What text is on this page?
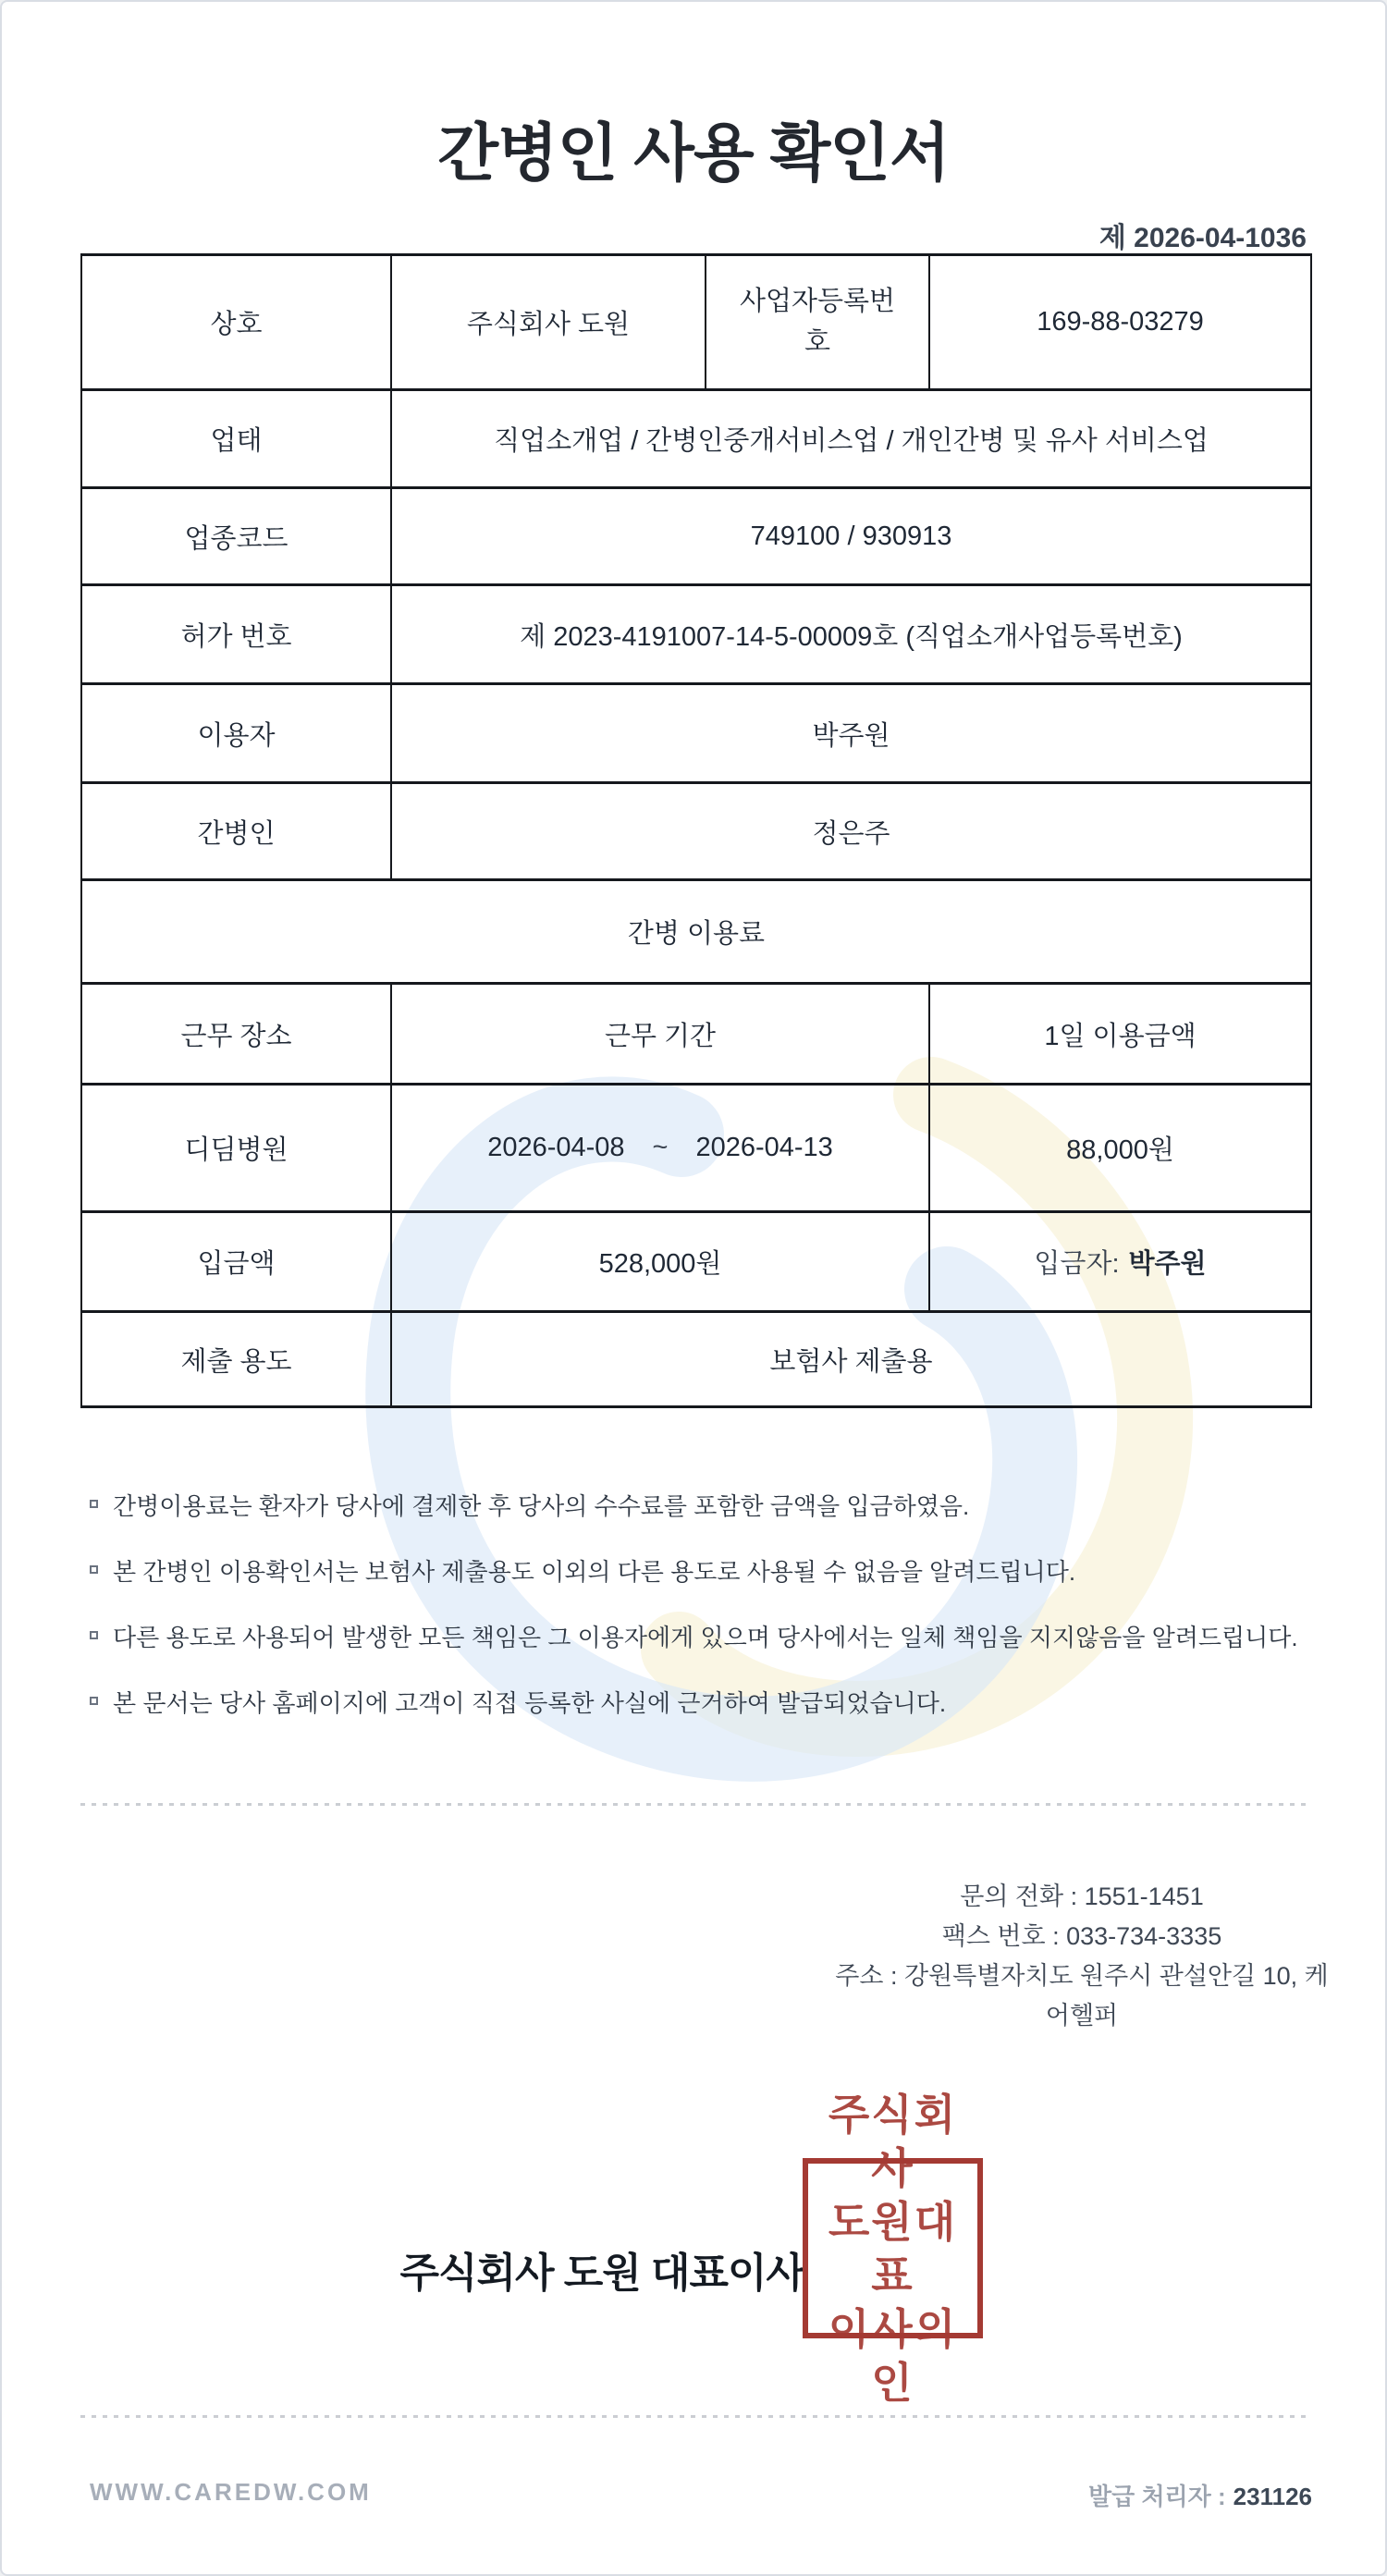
간병인 사용 확인서
제 2026-04-1036
상호	주식회사 도원	사업자등록번호	169-88-03279
업태	직업소개업 / 간병인중개서비스업 / 개인간병 및 유사 서비스업		
업종코드	749100 / 930913		
허가 번호	제 2023-4191007-14-5-00009호 (직업소개사업등록번호)		
이용자	박주원		
간병인	정은주		
간병 이용료			
근무 장소	근무 기간		1일 이용금액
디딤병원	2026-04-08 ~ 2026-04-13		88,000원
입금액	528,000원		입금자: 박주원
제출 용도	보험사 제출용		
간병이용료는 환자가 당사에 결제한 후 당사의 수수료를 포함한 금액을 입금하였음.
본 간병인 이용확인서는 보험사 제출용도 이외의 다른 용도로 사용될 수 없음을 알려드립니다.
다른 용도로 사용되어 발생한 모든 책임은 그 이용자에게 있으며 당사에서는 일체 책임을 지지않음을 알려드립니다.
본 문서는 당사 홈페이지에 고객이 직접 등록한 사실에 근거하여 발급되었습니다.
문의 전화 : 1551-1451
팩스 번호 : 033-734-3335
주소 : 강원특별자치도 원주시 관설안길 10, 케어헬퍼
주식회사 도원 대표이사
주식회사
도원대표
이사의인
WWW.CAREDW.COM	발급 처리자 : 231126
